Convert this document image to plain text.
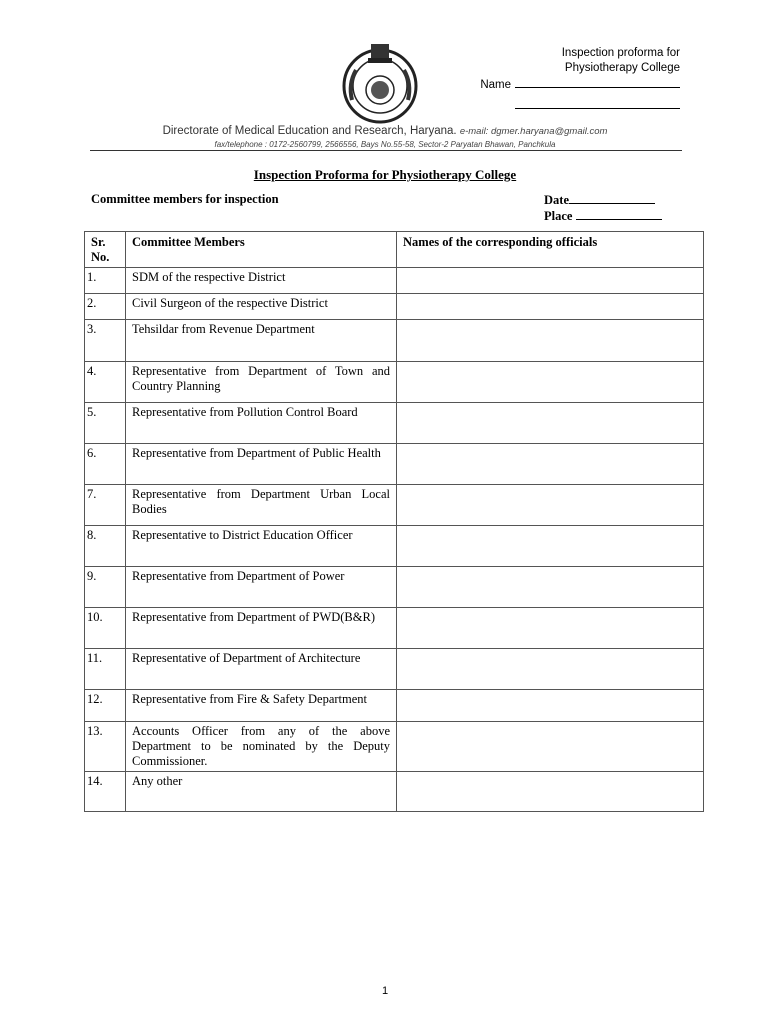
Inspection proforma for
Physiotherapy College
Name
Directorate of Medical Education and Research, Haryana. e-mail: dgmer.haryana@gmail.com
fax/telephone : 0172-2560799, 2566556, Bays No.55-58, Sector-2 Paryatan Bhawan, Panchkula
Inspection Proforma for Physiotherapy College
Committee members for inspection	Date
Place
Sr. No.	Committee Members	Names of the corresponding officials
1.	SDM of the respective District	
2.	Civil Surgeon of the respective District	
3.	Tehsildar from Revenue Department	
4.	Representative from Department of Town and Country Planning	
5.	Representative from Pollution Control Board	
6.	Representative from Department of Public Health	
7.	Representative from Department Urban Local Bodies	
8.	Representative to District Education Officer	
9.	Representative from Department of Power	
10.	Representative from Department of PWD(B&R)	
11.	Representative of Department of Architecture	
12.	Representative from Fire & Safety Department	
13.	Accounts Officer from any of the above Department to be nominated by the Deputy Commissioner.	
14.	Any other	
1
